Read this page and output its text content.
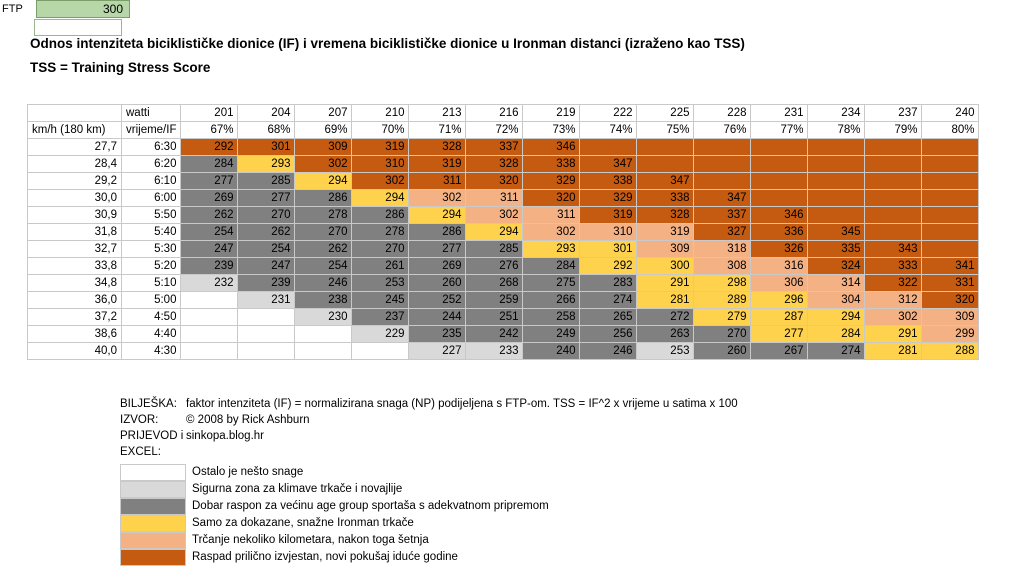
FTP	300
Odnos intenziteta biciklističke dionice (IF) i vremena biciklističke dionice u Ironman distanci (izraženo kao TSS)
TSS = Training Stress Score
	watti	201	204	207	210	213	216	219	222	225	228	231	234	237	240
km/h (180 km)	vrijeme/IF	67%	68%	69%	70%	71%	72%	73%	74%	75%	76%	77%	78%	79%	80%
27,7	6:30	292	301	309	319	328	337	346							
28,4	6:20	284	293	302	310	319	328	338	347						
29,2	6:10	277	285	294	302	311	320	329	338	347					
30,0	6:00	269	277	286	294	302	311	320	329	338	347				
30,9	5:50	262	270	278	286	294	302	311	319	328	337	346			
31,8	5:40	254	262	270	278	286	294	302	310	319	327	336	345		
32,7	5:30	247	254	262	270	277	285	293	301	309	318	326	335	343	
33,8	5:20	239	247	254	261	269	276	284	292	300	308	316	324	333	341
34,8	5:10	232	239	246	253	260	268	275	283	291	298	306	314	322	331
36,0	5:00		231	238	245	252	259	266	274	281	289	296	304	312	320
37,2	4:50			230	237	244	251	258	265	272	279	287	294	302	309
38,6	4:40				229	235	242	249	256	263	270	277	284	291	299
40,0	4:30					227	233	240	246	253	260	267	274	281	288
BILJEŠKA: faktor intenziteta (IF) = normalizirana snaga (NP) podijeljena s FTP-om. TSS = IF^2 x vrijeme u satima x 100
IZVOR:	© 2008 by Rick Ashburn
PRIJEVOD i EXCEL:
sinkopa.blog.hr
Ostalo je nešto snage
Sigurna zona za klimave trkače i novajlije
Dobar raspon za većinu age group sportaša s adekvatnom pripremom
Samo za dokazane, snažne Ironman trkače
Trčanje nekoliko kilometara, nakon toga šetnja
Raspad prilično izvjestan, novi pokušaj iduće godine
